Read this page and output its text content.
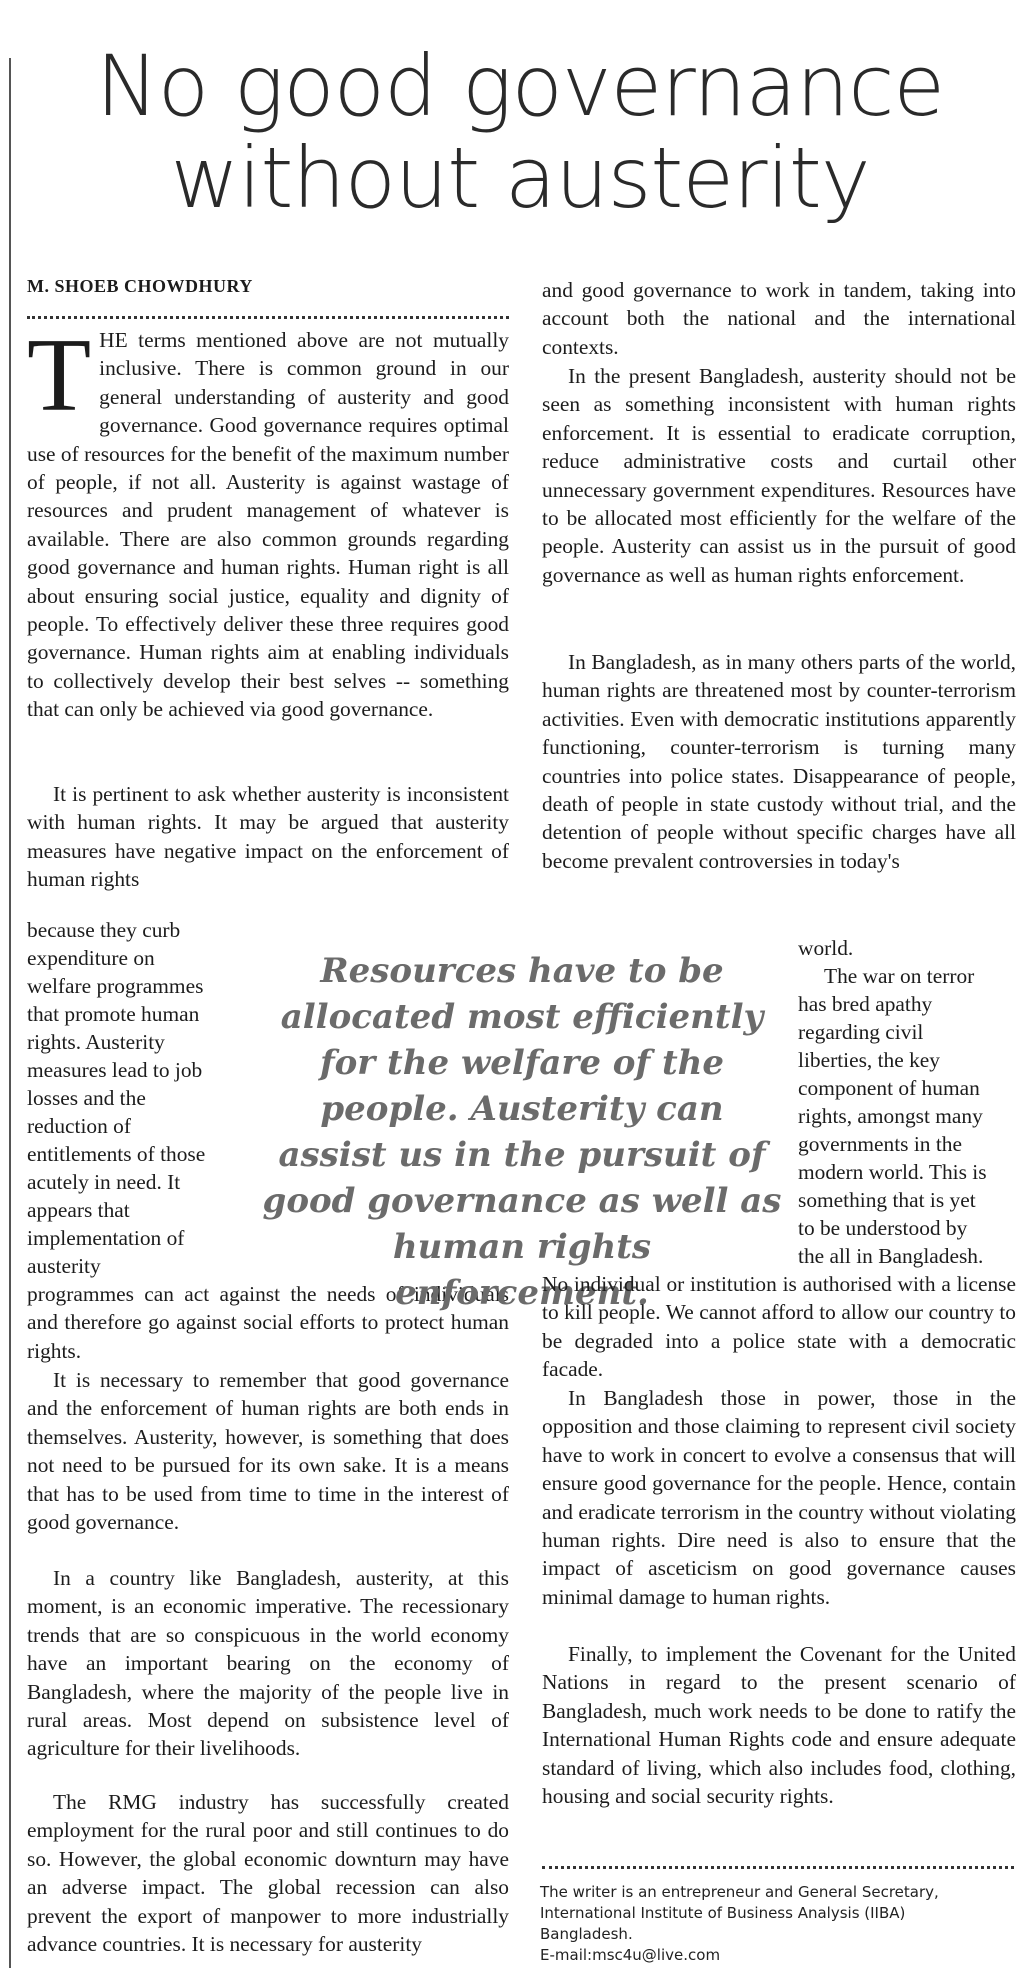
No good governance
without austerity
M. SHOEB CHOWDHURY
THE terms mentioned above are not mutually inclusive. There is common ground in our general understanding of austerity and good governance. Good governance requires optimal use of resources for the benefit of the maximum number of people, if not all. Austerity is against wastage of resources and prudent management of whatever is available. There are also common grounds regarding good governance and human rights. Human right is all about ensuring social justice, equality and dignity of people. To effectively deliver these three requires good governance. Human rights aim at enabling individuals to collectively develop their best selves -- something that can only be achieved via good governance.
It is pertinent to ask whether austerity is inconsistent with human rights. It may be argued that austerity measures have negative impact on the enforcement of human rights
because they curb
expenditure on
welfare programmes
that promote human
rights. Austerity
measures lead to job
losses and the
reduction of
entitlements of those
acutely in need. It
appears that
implementation of
austerity
programmes can act against the needs of individuals and therefore go against social efforts to protect human rights.
It is necessary to remember that good governance and the enforcement of human rights are both ends in themselves. Austerity, however, is something that does not need to be pursued for its own sake. It is a means that has to be used from time to time in the interest of good governance.
In a country like Bangladesh, austerity, at this moment, is an economic imperative. The recessionary trends that are so conspicuous in the world economy have an important bearing on the economy of Bangladesh, where the majority of the people live in rural areas. Most depend on subsistence level of agriculture for their livelihoods.
The RMG industry has successfully created employment for the rural poor and still continues to do so. However, the global economic downturn may have an adverse impact. The global recession can also prevent the export of manpower to more industrially advance countries. It is necessary for austerity
Resources have to be allocated most efficiently for the welfare of the people. Austerity can assist us in the pursuit of good governance as well as human rights enforcement.
and good governance to work in tandem, taking into account both the national and the international contexts.
In the present Bangladesh, austerity should not be seen as something inconsistent with human rights enforcement. It is essential to eradicate corruption, reduce administrative costs and curtail other unnecessary government expenditures. Resources have to be allocated most efficiently for the welfare of the people. Austerity can assist us in the pursuit of good governance as well as human rights enforcement.
In Bangladesh, as in many others parts of the world, human rights are threatened most by counter-terrorism activities. Even with democratic institutions apparently functioning, counter-terrorism is turning many countries into police states. Disappearance of people, death of people in state custody without trial, and the detention of people without specific charges have all become prevalent controversies in today's
world.
The war on terror
has bred apathy
regarding civil
liberties, the key
component of human
rights, amongst many
governments in the
modern world. This is
something that is yet
to be understood by
the all in Bangladesh.
No individual or institution is authorised with a license to kill people. We cannot afford to allow our country to be degraded into a police state with a democratic facade.
In Bangladesh those in power, those in the opposition and those claiming to represent civil society have to work in concert to evolve a consensus that will ensure good governance for the people. Hence, contain and eradicate terrorism in the country without violating human rights. Dire need is also to ensure that the impact of asceticism on good governance causes minimal damage to human rights.
Finally, to implement the Covenant for the United Nations in regard to the present scenario of Bangladesh, much work needs to be done to ratify the International Human Rights code and ensure adequate standard of living, which also includes food, clothing, housing and social security rights.
The writer is an entrepreneur and General Secretary,
International Institute of Business Analysis (IIBA)
Bangladesh.
E-mail:msc4u@live.com
